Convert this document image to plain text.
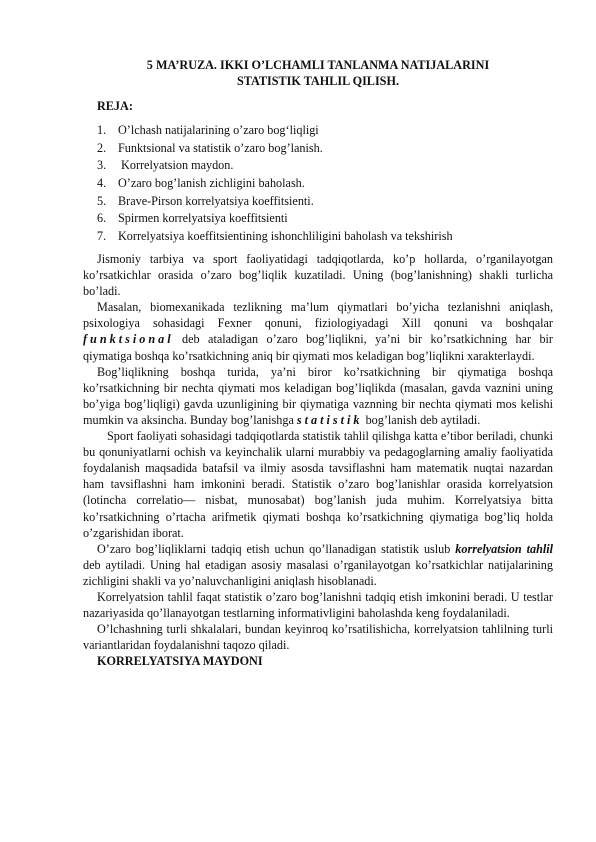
5 MA’RUZA. IKKI O’LCHAMLI TANLANMA NATIJALARINI
STATISTIK TAHLIL QILISH.
REJA:
1. O’lchash natijalarining o’zaro bog‘liqligi
2. Funktsional va statistik o’zaro bog’lanish.
3. Korrelyatsion maydon.
4. O’zaro bog’lanish zichligini baholash.
5. Brave-Pirson korrelyatsiya koeffitsienti.
6. Spirmen korrelyatsiya koeffitsienti
7. Korrelyatsiya koeffitsientining ishonchliligini baholash va tekshirish

Jismoniy tarbiya va sport faoliyatidagi tadqiqotlarda, ko’p hollarda, o’rganilayotgan ko’rsatkichlar orasida o’zaro bog’liqlik kuzatiladi. Uning (bog’lanishning) shakli turlicha bo’ladi.

Masalan, biomexanikada tezlikning ma’lum qiymatlari bo’yicha tezlanishni aniqlash, psixologiya sohasidagi Fexner qonuni, fiziologiyadagi Xill qonuni va boshqalar funktsional deb ataladigan o’zaro bog’liqlikni, ya’ni bir ko’rsatkichning har bir qiymatiga boshqa ko’rsatkichning aniq bir qiymati mos keladigan bog’liqlikni xarakterlaydi.

Bog’liqlikning boshqa turida, ya’ni biror ko’rsatkichning bir qiymatiga boshqa ko’rsatkichning bir nechta qiymati mos keladigan bog’liqlikda (masalan, gavda vaznini uning bo’yiga bog’liqligi) gavda uzunligining bir qiymatiga vaznning bir nechta qiymati mos kelishi mumkin va aksincha. Bunday bog’lanishga statistik bog’lanish deb aytiladi.

Sport faoliyati sohasidagi tadqiqotlarda statistik tahlil qilishga katta e’tibor beriladi, chunki bu qonuniyatlarni ochish va keyinchalik ularni murabbiy va pedagoglarning amaliy faoliyatida foydalanish maqsadida batafsil va ilmiy asosda tavsiflashni ham matematik nuqtai nazardan ham tavsiflashni ham imkonini beradi. Statistik o’zaro bog’lanishlar orasida korrelyatsion (lotincha correlatio— nisbat, munosabat) bog’lanish juda muhim. Korrelyatsiya bitta ko’rsatkichning o’rtacha arifmetik qiymati boshqa ko’rsatkichning qiymatiga bog’liq holda o’zgarishidan iborat.

O’zaro bog’liqliklarni tadqiq etish uchun qo’llanadigan statistik uslub korrelyatsion tahlil deb aytiladi. Uning hal etadigan asosiy masalasi o’rganilayotgan ko’rsatkichlar natijalarining zichligini shakli va yo’naluvchanligini aniqlash hisoblanadi.

Korrelyatsion tahlil faqat statistik o’zaro bog’lanishni tadqiq etish imkonini beradi. U testlar nazariyasida qo’llanayotgan testlarning informativligini baholashda keng foydalaniladi.

O’lchashning turli shkalalari, bundan keyinroq ko’rsatilishicha, korrelyatsion tahlilning turli variantlaridan foydalanishni taqozo qiladi.

KORRELYATSIYA MAYDONI
